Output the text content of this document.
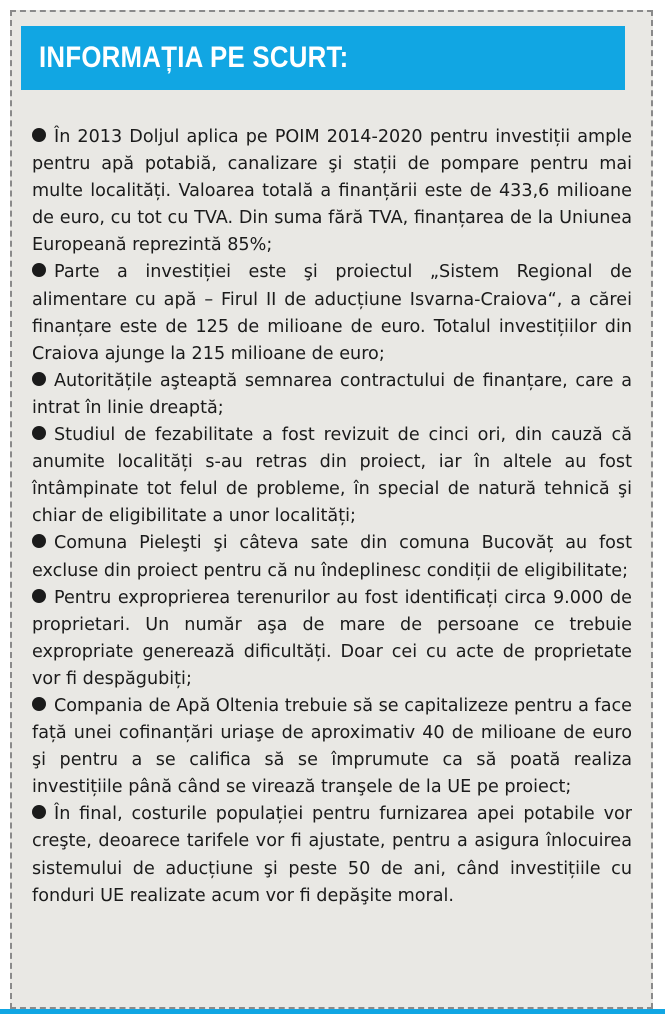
INFORMAȚIA PE SCURT:
În 2013 Doljul aplica pe POIM 2014-2020 pentru investiții ample pentru apă potabiă, canalizare şi stații de pompare pentru mai multe localități. Valoarea totală a finanțării este de 433,6 milioane de euro, cu tot cu TVA. Din suma fără TVA, finanțarea de la Uniunea Europeană reprezintă 85%;
Parte a investiției este şi proiectul „Sistem Regional de alimentare cu apă – Firul II de aducțiune Isvarna-Craiova“, a cărei finanțare este de 125 de milioane de euro. Totalul investițiilor din Craiova ajunge la 215 milioane de euro;
Autoritățile aşteaptă semnarea contractului de finanțare, care a intrat în linie dreaptă;
Studiul de fezabilitate a fost revizuit de cinci ori, din cauză că anumite localități s-au retras din proiect, iar în altele au fost întâmpinate tot felul de probleme, în special de natură tehnică şi chiar de eligibilitate a unor localități;
Comuna Pieleşti şi câteva sate din comuna Bucovăț au fost excluse din proiect pentru că nu îndeplinesc condiții de eligibilitate;
Pentru exproprierea terenurilor au fost identificați circa 9.000 de proprietari. Un număr aşa de mare de persoane ce trebuie expropriate generează dificultăți. Doar cei cu acte de proprietate vor fi despăgubiți;
Compania de Apă Oltenia trebuie să se capitalizeze pentru a face față unei cofinanțări uriaşe de aproximativ 40 de milioane de euro şi pentru a se califica să se împrumute ca să poată realiza investițiile până când se virează tranşele de la UE pe proiect;
În final, costurile populației pentru furnizarea apei potabile vor creşte, deoarece tarifele vor fi ajustate, pentru a asigura înlocuirea sistemului de aducțiune şi peste 50 de ani, când investițiile cu fonduri UE realizate acum vor fi depăşite moral.
